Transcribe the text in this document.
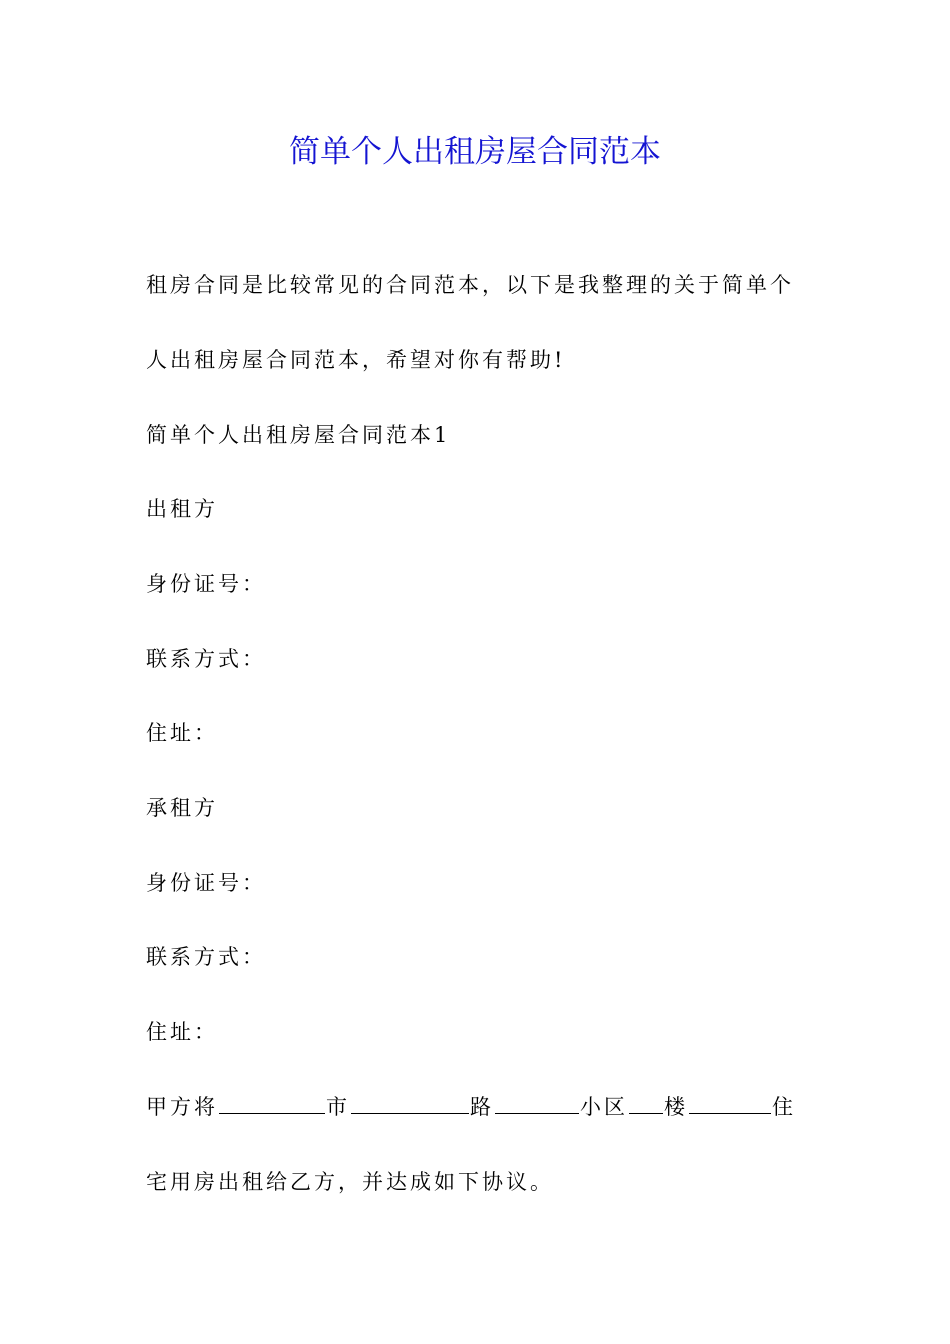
简单个人出租房屋合同范本
租房合同是比较常见的合同范本，以下是我整理的关于简单个
人出租房屋合同范本，希望对你有帮助!
简单个人出租房屋合同范本1
出租方
身份证号：
联系方式：
住址：
承租方
身份证号：
联系方式：
住址：
甲方将	市	路	小区 楼	住
宅用房出租给乙方，并达成如下协议。
